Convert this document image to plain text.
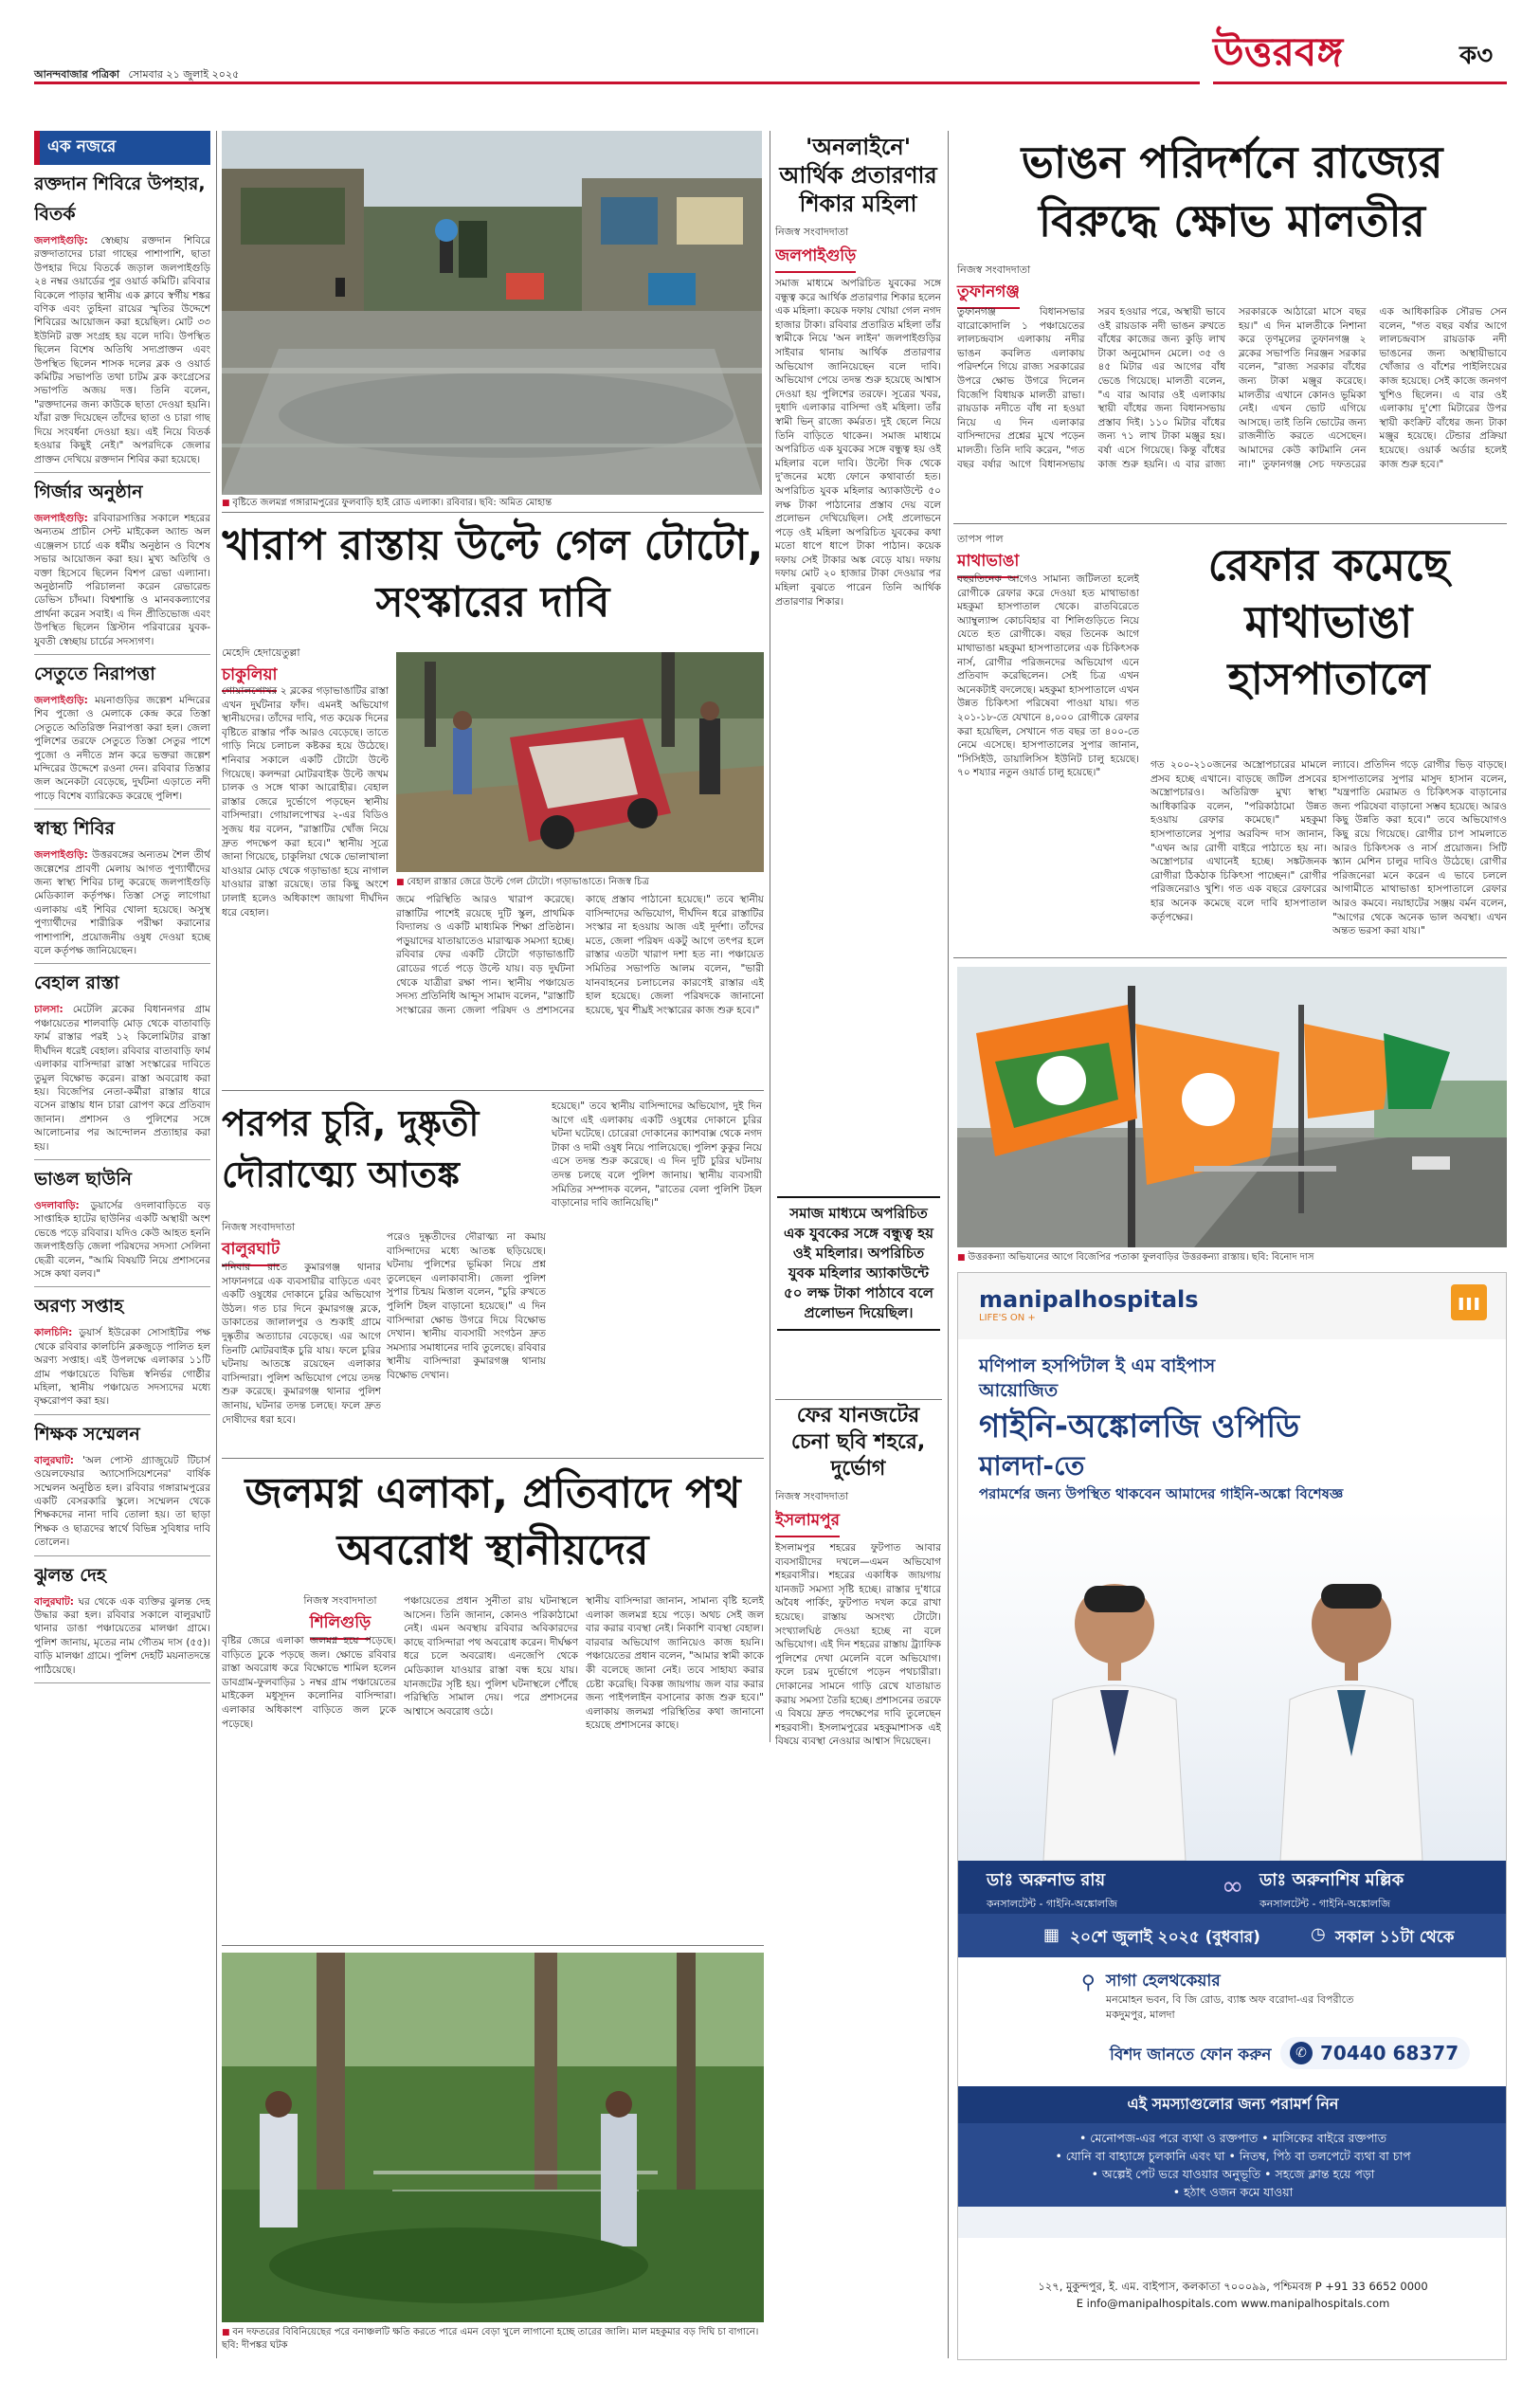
আনন্দবাজার পত্রিকা সোমবার ২১ জুলাই ২০২৫	উত্তরবঙ্গ	ক৩
এক নজরে
রক্তদান শিবিরে উপহার, বিতর্ক
জলপাইগুড়ি: স্বেচ্ছায় রক্তদান শিবিরে রক্তদাতাদের চারা গাছের পাশাপাশি, ছাতা উপহার দিয়ে বিতর্কে জড়াল জলপাইগুড়ি ২৪ নম্বর ওয়ার্ডের পুর ওয়ার্ড কমিটি। রবিবার বিকেলে পাড়ার স্থানীয় এক ক্লাবে স্বর্গীয় শঙ্কর বণিক এবং তুহিনা রায়ের স্মৃতির উদ্দেশে শিবিরের আয়োজন করা হয়েছিল। মোট ৩৩ ইউনিট রক্ত সংগ্রহ হয় বলে দাবি। উপস্থিত ছিলেন বিশেষ অতিথি সদ্যপ্রাক্তন এবং উপস্থিত ছিলেন শাসক দলের ব্লক ও ওয়ার্ড কমিটির সভাপতি তথা চাটম ব্লক কংগ্রেসের সভাপতি অজয় দত্ত। তিনি বলেন, "রক্তদানের জন্য কাউকে ছাতা দেওয়া হয়নি। যাঁরা রক্ত দিয়েছেন তাঁদের ছাতা ও চারা গাছ দিয়ে সংবর্ধনা দেওয়া হয়। এই নিয়ে বিতর্ক হওয়ার কিছুই নেই।" অপরদিকে জেলার প্রাক্তন দেখিয়ে রক্তদান শিবির করা হয়েছে।
গির্জার অনুষ্ঠান
জলপাইগুড়ি: রবিবারসাত্তির সকালে শহরের অন্যতম প্রাচীন সেন্ট মাইকেল অ্যান্ড অল এঞ্জেলস চার্চে এক ধর্মীয় অনুষ্ঠান ও বিশেষ সভার আয়োজন করা হয়। মুখ্য অতিথি ও বক্তা হিসেবে ছিলেন বিশপ রেভা এল্যানা। অনুষ্ঠানটি পরিচালনা করেন রেভারেন্ড ডেভিস চাঁদমা। বিশ্বশান্তি ও মানবকল্যাণের প্রার্থনা করেন সবাই। এ দিন প্রীতিভোজ এবং উপস্থিত ছিলেন খ্রিস্টান পরিবারের যুবক-যুবতী স্বেচ্ছায় চার্চের সদস্যগণ।
সেতুতে নিরাপত্তা
জলপাইগুড়ি: ময়নাগুড়ির জল্পেশ মন্দিরের শিব পুজো ও মেলাকে কেন্দ্র করে তিস্তা সেতুতে অতিরিক্ত নিরাপত্তা করা হল। জেলা পুলিশের তরফে সেতুতে তিস্তা সেতুর পাশে পুজো ও নদীতে স্নান করে ভক্তরা জল্পেশ মন্দিরের উদ্দেশে রওনা দেন। রবিবার তিস্তার জল অনেকটা বেড়েছে, দুর্ঘটনা এড়াতে নদী পাড়ে বিশেষ ব্যারিকেড করেছে পুলিশ।
স্বাস্থ্য শিবির
জলপাইগুড়ি: উত্তরবঙ্গের অন্যতম শৈল তীর্থ জল্পেশের প্রাবণী মেলায় আগত পুণ্যার্থীদের জন্য স্বাস্থ্য শিবির চালু করেছে জলপাইগুড়ি মেডিক্যাল কর্তৃপক্ষ। তিস্তা সেতু লাগোয়া এলাকায় এই শিবির খোলা হয়েছে। অসুস্থ পুণ্যার্থীদের শারীরিক পরীক্ষা করানোর পাশাপাশি, প্রয়োজনীয় ওষুধ দেওয়া হচ্ছে বলে কর্তৃপক্ষ জানিয়েছেন।
বেহাল রাস্তা
চালসা: মেটেলি ব্লকের বিধাননগর গ্রাম পঞ্চায়েতের শালবাড়ি মোড় থেকে বাতাবাড়ি ফার্ম রাস্তার পরই ১২ কিলোমিটার রাস্তা দীর্ঘদিন ধরেই বেহাল। রবিবার বাতাবাড়ি ফার্ম এলাকার বাসিন্দারা রাস্তা সংস্কারের দাবিতে তুমুল বিক্ষোভ করেন। রাস্তা অবরোধ করা হয়। বিজেপির নেতা-কর্মীরা রাস্তার ধারে বসেন রাস্তায় ধান চারা রোপণ করে প্রতিবাদ জানান। প্রশাসন ও পুলিশের সঙ্গে আলোচনার পর আন্দোলন প্রত্যাহার করা হয়।
ভাঙল ছাউনি
ওদলাবাড়ি: ডুয়ার্সের ওদলাবাড়িতে বড় সাপ্তাহিক হাটের ছাউনির একটি অস্থায়ী অংশ ভেঙে পড়ে রবিবার। যদিও কেউ আহত হননি জলপাইগুড়ি জেলা পরিষদের সদস্যা সেলিনা ছেত্রী বলেন, "আমি বিষয়টি নিয়ে প্রশাসনের সঙ্গে কথা বলব।"
অরণ্য সপ্তাহ
কালচিনি: ডুয়ার্স ইউরেকা সোসাইটির পক্ষ থেকে রবিবার কালচিনি ব্লকজুড়ে পালিত হল অরণ্য সপ্তাহ। এই উপলক্ষে এলাকার ১১টি গ্রাম পঞ্চায়েতে বিভিন্ন স্বনির্ভর গোষ্ঠীর মহিলা, স্থানীয় পঞ্চায়েত সদস্যদের মধ্যে বৃক্ষরোপণ করা হয়।
শিক্ষক সম্মেলন
বালুরঘাট: 'অল পোস্ট গ্র্যাজুয়েট টিচার্স ওয়েলফেয়ার অ্যাসোসিয়েশনের' বার্ষিক সম্মেলন অনুষ্ঠিত হল। রবিবার গঙ্গারামপুরের একটি বেসরকারি স্কুলে। সম্মেলন থেকে শিক্ষকদের নানা দাবি তোলা হয়। তা ছাড়া শিক্ষক ও ছাত্রদের স্বার্থে বিভিন্ন সুবিধার দাবি তোলেন।
ঝুলন্ত দেহ
বালুরঘাট: ঘর থেকে এক ব্যক্তির ঝুলন্ত দেহ উদ্ধার করা হল। রবিবার সকালে বালুরঘাট থানার ডাঙা পঞ্চায়েতের মালঞ্চা গ্রামে। পুলিশ জানায়, মৃতের নাম গৌতম দাস (৫৫)। বাড়ি মালঞ্চা গ্রামে। পুলিশ দেহটি ময়নাতদন্তে পাঠিয়েছে।
■ বৃষ্টিতে জলমগ্ন গঙ্গারামপুরের ফুলবাড়ি হাই রোড এলাকা। রবিবার। ছবি: অমিত মোহান্ত
'অনলাইনে' আর্থিক প্রতারণার শিকার মহিলা
নিজস্ব সংবাদদাতা
জলপাইগুড়ি
সমাজ মাধ্যমে অপরিচিত যুবকের সঙ্গে বন্ধুত্ব করে আর্থিক প্রতারণার শিকার হলেন এক মহিলা। কয়েক দফায় খোয়া গেল নগদ হাজার টাকা। রবিবার প্রতারিত মহিলা তাঁর স্বামীকে নিয়ে 'অন লাইন' জলপাইগুড়ির সাইবার থানায় আর্থিক প্রতারণার অভিযোগ জানিয়েছেন বলে দাবি। অভিযোগ পেয়ে তদন্ত শুরু হয়েছে আশ্বাস দেওয়া হয় পুলিশের তরফে। সূত্রের খবর, দুধাদি এলাকার বাসিন্দা ওই মহিলা। তাঁর স্বামী ভিন্ রাজ্যে কর্মরত। দুই ছেলে নিয়ে তিনি বাড়িতে থাকেন। সমাজ মাধ্যমে অপরিচিত এক যুবকের সঙ্গে বন্ধুত্ব হয় ওই মহিলার বলে দাবি। উল্টো দিক থেকে দু'জনের মধ্যে ফোনে কথাবার্তা হত। অপরিচিত যুবক মহিলার অ্যাকাউন্টে ৫০ লক্ষ টাকা পাঠানোর প্রস্তাব দেয় বলে প্রলোভন দেখিয়েছিল। সেই প্রলোভনে পড়ে ওই মহিলা অপরিচিত যুবকের কথা মতো ধাপে ধাপে টাকা পাঠান। কয়েক দফায় সেই টাকার অঙ্ক বেড়ে যায়। দফায় দফায় মোট ২০ হাজার টাকা দেওয়ার পর মহিলা বুঝতে পারেন তিনি আর্থিক প্রতারণার শিকার।
সমাজ মাধ্যমে অপরিচিত এক যুবকের সঙ্গে বন্ধুত্ব হয় ওই মহিলার। অপরিচিত যুবক মহিলার অ্যাকাউন্টে ৫০ লক্ষ টাকা পাঠাবে বলে প্রলোভন দিয়েছিল।
ফের যানজটের চেনা ছবি শহরে, দুর্ভোগ
নিজস্ব সংবাদদাতা
ইসলামপুর
ইসলামপুর শহরের ফুটপাত আবার ব্যবসায়ীদের দখলে—এমন অভিযোগ শহরবাসীর। শহরের একাধিক জায়গায় যানজট সমস্যা সৃষ্টি হচ্ছে। রাস্তার দু'ধারে অবৈধ পার্কিং, ফুটপাত দখল করে রাখা হয়েছে। রাস্তায় অসংখ্য টোটো। সংখ্যালঘিষ্ঠ দেওয়া হচ্ছে না বলে অভিযোগ। এই দিন শহরের রাস্তায় ট্র্যাফিক পুলিশের দেখা মেলেনি বলে অভিযোগ। ফলে চরম দুর্ভোগে পড়েন পথচারীরা। দোকানের সামনে গাড়ি রেখে যাতায়াত করায় সমস্যা তৈরি হচ্ছে। প্রশাসনের তরফে এ বিষয়ে দ্রুত পদক্ষেপের দাবি তুলেছেন শহরবাসী। ইসলামপুরের মহকুমাশাসক এই বিষয়ে ব্যবস্থা নেওয়ার আশ্বাস দিয়েছেন।
ভাঙন পরিদর্শনে রাজ্যের বিরুদ্ধে ক্ষোভ মালতীর
নিজস্ব সংবাদদাতা
তুফানগঞ্জ
তুফানগঞ্জ বিধানসভার বারোকোদালি ১ পঞ্চায়েতের লালচন্দ্রবাস এলাকায় নদীর ভাঙন কবলিত এলাকায় পরিদর্শনে গিয়ে রাজ্য সরকারের উপরে ক্ষোভ উগরে দিলেন বিজেপি বিধায়ক মালতী রাভা। রায়ডাক নদীতে বাঁধ না হওয়া নিয়ে এ দিন এলাকার বাসিন্দাদের প্রশ্নের মুখে পড়েন মালতী। তিনি দাবি করেন, "গত বছর বর্ষার আগে বিধানসভায় সরব হওয়ার পরে, অস্থায়ী ভাবে ওই রায়ডাক নদী ভাঙন রুখতে বাঁধের কাজের জন্য কুড়ি লাখ টাকা অনুমোদন মেলে। ৩৫ ও ৪৫ মিটার এর আগের বাঁধ ভেঙে গিয়েছে। মালতী বলেন, "এ বার আবার ওই এলাকায় স্থায়ী বাঁধের জন্য বিধানসভায় প্রস্তাব দিই। ১১০ মিটার বাঁধের জন্য ৭১ লাখ টাকা মঞ্জুর হয়। বর্ষা এসে গিয়েছে। কিন্তু বাঁধের কাজ শুরু হয়নি। এ বার রাজ্য সরকারকে আঠারো মাসে বছর হয়।" এ দিন মালতীকে নিশানা করে তৃণমূলের তুফানগঞ্জ ২ ব্লকের সভাপতি নিরঞ্জন সরকার বলেন, "রাজ্য সরকার বাঁধের জন্য টাকা মঞ্জুর করেছে। মালতীর এখানে কোনও ভূমিকা নেই। এখন ভোট এগিয়ে আসছে। তাই তিনি ভোটের জন্য রাজনীতি করতে এসেছেন। আমাদের কেউ কাটমানি নেন না।" তুফানগঞ্জ সেচ দফতরের এক আধিকারিক সৌরভ সেন বলেন, "গত বছর বর্ষার আগে লালচন্দ্রবাস রায়ডাক নদী ভাঙনের জন্য অস্থায়ীভাবে খোঁজার ও বাঁশের পাইলিংয়ের কাজ হয়েছে। সেই কাজে জনগণ খুশিও ছিলেন। এ বার ওই এলাকায় দু'শো মিটারের উপর স্থায়ী কংক্রিট বাঁধের জন্য টাকা মঞ্জুর হয়েছে। টেন্ডার প্রক্রিয়া হয়েছে। ওয়ার্ক অর্ডার হলেই কাজ শুরু হবে।"
তাপস পাল
মাথাভাঙা
বছরতিনেক আগেও সামান্য জটিলতা হলেই রোগীকে রেফার করে দেওয়া হত মাথাভাঙা মহকুমা হাসপাতাল থেকে। রাতবিরেতে অ্যাম্বুল্যান্স কোচবিহার বা শিলিগুড়িতে নিয়ে যেতে হত রোগীকে। বছর তিনেক আগে মাথাভাঙা মহকুমা হাসপাতালের এক চিকিৎসক নার্স, রোগীর পরিজনদের অভিযোগ এনে প্রতিবাদ করেছিলেন। সেই চিত্র এখন অনেকটাই বদলেছে। মহকুমা হাসপাতালে এখন উন্নত চিকিৎসা পরিষেবা পাওয়া যায়। গত ২০১-১৮-তে যেখানে ৪,০০০ রোগীকে রেফার করা হয়েছিল, সেখানে গত বছর তা ৪০০-তে নেমে এসেছে। হাসপাতালের সুপার জানান, "সিসিইউ, ডায়ালিসিস ইউনিট চালু হয়েছে। ৭০ শয্যার নতুন ওয়ার্ড চালু হয়েছে।"
রেফার কমেছে মাথাভাঙা হাসপাতালে
গত ২০০-২১০জনের অস্ত্রোপচারের মামলে প্রসব হচ্ছে এখানে। বাড়ছে জটিল প্রসবের অস্ত্রোপচারও। অতিরিক্ত মুখ্য স্বাস্থ্য আধিকারিক বলেন, "পরিকাঠামো উন্নত হওয়ায় রেফার কমেছে।" মহকুমা হাসপাতালের সুপার অরবিন্দ দাস জানান, "এখন আর রোগী বাইরে পাঠাতে হয় না। অস্ত্রোপচার এখানেই হচ্ছে। সঙ্কটজনক রোগীরা ঠিকঠাক চিকিৎসা পাচ্ছেন।" রোগীর পরিজনেরাও খুশি। গত এক বছরে রেফারের হার অনেক কমেছে বলে দাবি হাসপাতাল কর্তৃপক্ষের।
ল্যাবে। প্রতিদিন গড়ে রোগীর ভিড় বাড়ছে। হাসপাতালের সুপার মাসুদ হাসান বলেন, "যন্ত্রপাতি মেরামত ও চিকিৎসক বাড়ানোর জন্য পরিষেবা বাড়ানো সম্ভব হয়েছে। আরও কিছু উন্নতি করা হবে।" তবে অভিযোগও কিছু রয়ে গিয়েছে। রোগীর চাপ সামলাতে আরও চিকিৎসক ও নার্স প্রয়োজন। সিটি স্ক্যান মেশিন চালুর দাবিও উঠেছে। রোগীর পরিজনেরা মনে করেন এ ভাবে চললে আগামীতে মাথাভাঙা হাসপাতালে রেফার আরও কমবে। নয়াহাটের সঞ্জয় বর্মন বলেন, "আগের থেকে অনেক ভাল অবস্থা। এখন অন্তত ভরসা করা যায়।"
■ উত্তরকন্যা অভিযানের আগে বিজেপির পতাকা ফুলবাড়ির উত্তরকন্যা রাস্তায়। ছবি: বিনোদ দাস
খারাপ রাস্তায় উল্টে গেল টোটো, সংস্কারের দাবি
মেহেদি হেদায়েতুল্লা
চাকুলিয়া
গোয়ালপোখর ২ ব্লকের গড়াভাঙাটির রাস্তা এখন দুর্ঘটনার ফাঁদ। এমনই অভিযোগ স্থানীয়দের। তাঁদের দাবি, গত কয়েক দিনের বৃষ্টিতে রাস্তার পাঁক আরও বেড়েছে। তাতে গাড়ি নিয়ে চলাচল কষ্টকর হয়ে উঠেছে। শনিবার সকালে একটি টোটো উল্টে গিয়েছে। কলন্দরা মোটরবাইক উল্টে জখম চালক ও সঙ্গে থাকা আরোহীর। বেহাল রাস্তার জেরে দুর্ভোগে পড়ছেন স্থানীয় বাসিন্দারা। গোয়ালপোখর ২-এর বিডিও সুজয় ধর বলেন, "রাস্তাটির খোঁজ নিয়ে দ্রুত পদক্ষেপ করা হবে।" স্থানীয় সূত্রে জানা গিয়েছে, চাকুলিয়া থেকে ভোলাখালা যাওয়ার মোড় থেকে গড়াভাঙা হয়ে নাগাল যাওয়ার রাস্তা রয়েছে। তার কিছু অংশে ঢালাই হলেও অধিকাংশ জায়গা দীর্ঘদিন ধরে বেহাল।
■ বেহাল রাস্তার জেরে উল্টে গেল টোটো। গড়াভাঙাতে। নিজস্ব চিত্র
জমে পরিস্থিতি আরও খারাপ করেছে। রাস্তাটির পাশেই রয়েছে দুটি স্কুল, প্রাথমিক বিদ্যালয় ও একটি মাধ্যমিক শিক্ষা প্রতিষ্ঠান। পড়ুয়াদের যাতায়াতেও মারাত্মক সমস্যা হচ্ছে। রবিবার ফের একটি টোটো গড়াভাঙাটি রোডের গর্তে পড়ে উল্টে যায়। বড় দুর্ঘটনা থেকে যাত্রীরা রক্ষা পান। স্থানীয় পঞ্চায়েত সদস্য প্রতিনিধি আব্দুস সামাদ বলেন, "রাস্তাটি সংস্কারের জন্য জেলা পরিষদ ও প্রশাসনের কাছে প্রস্তাব পাঠানো হয়েছে।" তবে স্থানীয় বাসিন্দাদের অভিযোগ, দীর্ঘদিন ধরে রাস্তাটির সংস্কার না হওয়ায় আজ এই দুর্দশা। তাঁদের মতে, জেলা পরিষদ একটু আগে তৎপর হলে রাস্তার এতটা খারাপ দশা হত না। পঞ্চায়েত সমিতির সভাপতি আলম বলেন, "ভারী যানবাহনের চলাচলের কারণেই রাস্তার এই হাল হয়েছে। জেলা পরিষদকে জানানো হয়েছে, খুব শীঘ্রই সংস্কারের কাজ শুরু হবে।"
পরপর চুরি, দুষ্কৃতী দৌরাত্ম্যে আতঙ্ক
নিজস্ব সংবাদদাতা
বালুরঘাট
শনিবার রাতে কুমারগঞ্জ থানার সাফানগরে এক ব্যবসায়ীর বাড়িতে এবং একটি ওষুধের দোকানে চুরির অভিযোগ উঠল। গত চার দিনে কুমারগঞ্জ ব্লকে, ডাকাতের জালালপুর ও শুকাই গ্রামে দুষ্কৃতীর অত্যাচার বেড়েছে। এর আগে তিনটি মোটরবাইক চুরি যায়। ফলে চুরির ঘটনায় আতঙ্কে রয়েছেন এলাকার বাসিন্দারা। পুলিশ অভিযোগ পেয়ে তদন্ত শুরু করেছে। কুমারগঞ্জ থানার পুলিশ জানায়, ঘটনার তদন্ত চলছে। ফলে দ্রুত দোষীদের ধরা হবে।
পরেও দুষ্কৃতীদের দৌরাত্ম্য না কমায় বাসিন্দাদের মধ্যে আতঙ্ক ছড়িয়েছে। ঘটনায় পুলিশের ভূমিকা নিয়ে প্রশ্ন তুলেছেন এলাকাবাসী। জেলা পুলিশ সুপার চিন্ময় মিত্তাল বলেন, "চুরি রুখতে পুলিশি টহল বাড়ানো হয়েছে।" এ দিন বাসিন্দারা ক্ষোভ উগরে দিয়ে বিক্ষোভ দেখান। স্থানীয় ব্যবসায়ী সংগঠন দ্রুত সমস্যার সমাধানের দাবি তুলেছে। রবিবার স্থানীয় বাসিন্দারা কুমারগঞ্জ থানায় বিক্ষোভ দেখান।
হয়েছে।" তবে স্থানীয় বাসিন্দাদের অভিযোগ, দুই দিন আগে এই এলাকায় একটি ওষুধের দোকানে চুরির ঘটনা ঘটেছে। চোরেরা দোকানের ক্যাশবাক্স থেকে নগদ টাকা ও দামী ওষুধ নিয়ে পালিয়েছে। পুলিশ কুকুর নিয়ে এসে তদন্ত শুরু করেছে। এ দিন দুটি চুরির ঘটনায় তদন্ত চলছে বলে পুলিশ জানায়। স্থানীয় ব্যবসায়ী সমিতির সম্পাদক বলেন, "রাতের বেলা পুলিশি টহল বাড়ানোর দাবি জানিয়েছি।"
জলমগ্ন এলাকা, প্রতিবাদে পথ অবরোধ স্থানীয়দের
নিজস্ব সংবাদদাতা
শিলিগুড়ি
বৃষ্টির জেরে এলাকা জলমগ্ন হয়ে পড়েছে। বাড়িতে ঢুকে পড়ছে জল। ক্ষোভে রবিবার রাস্তা অবরোধ করে বিক্ষোভে শামিল হলেন ডাবগ্রাম-ফুলবাড়ির ১ নম্বর গ্রাম পঞ্চায়েতের মাইকেল মধুসূদন কলোনির বাসিন্দারা। এলাকার অধিকাংশ বাড়িতে জল ঢুকে পড়েছে।
পঞ্চায়েতের প্রধান সুনীতা রায় ঘটনাস্থলে আসেন। তিনি জানান, কোনও পরিকাঠামো নেই। এমন অবস্থায় রবিবার অবিকারদের কাছে বাসিন্দারা পথ অবরোধ করেন। দীর্ঘক্ষণ ধরে চলে অবরোধ। এনজেপি থেকে মেডিক্যাল যাওয়ার রাস্তা বন্ধ হয়ে যায়। যানজটের সৃষ্টি হয়। পুলিশ ঘটনাস্থলে পৌঁছে পরিস্থিতি সামাল দেয়। পরে প্রশাসনের আশ্বাসে অবরোধ ওঠে।
স্থানীয় বাসিন্দারা জানান, সামান্য বৃষ্টি হলেই এলাকা জলমগ্ন হয়ে পড়ে। অথচ সেই জল বার করার ব্যবস্থা নেই। নিকাশি ব্যবস্থা বেহাল। বারবার অভিযোগ জানিয়েও কাজ হয়নি। পঞ্চায়েতের প্রধান বলেন, "আমার স্বামী কাকে কী বলেছে জানা নেই। তবে সাহায্য করার চেষ্টা করেছি। বিকল্প জায়গায় জল বার করার জন্য পাইপলাইন বসানোর কাজ শুরু হবে।" এলাকায় জলমগ্ন পরিস্থিতির কথা জানানো হয়েছে প্রশাসনের কাছে।
■ বন দফতরের বিবিনিয়েছের পরে বনাঞ্চলটি ক্ষতি করতে পারে এমন বেড়া খুলে লাগানো হচ্ছে তারের জালি। মাল মহকুমার বড় দিঘি চা বাগানে। ছবি: দীপঙ্কর ঘটক
manipalhospitals
LIFE'S ON +
ııı
মণিপাল হসপিটাল ই এম বাইপাস
আয়োজিত
গাইনি-অঙ্কোলজি ওপিডি
মালদা-তে
পরামর্শের জন্য উপস্থিত থাকবেন আমাদের গাইনি-অঙ্কো বিশেষজ্ঞ
ডাঃ অরুনাভ রায়
কনসালটেন্ট - গাইনি-অঙ্কোলজি
∞ ডাঃ অরুনাশিষ মল্লিক
কনসালটেন্ট - গাইনি-অঙ্কোলজি
▦ ২০শে জুলাই ২০২৫ (বুধবার)	◷ সকাল ১১টা থেকে
⚲ সাগা হেলথকেয়ার
মনমোহন ভবন, বি জি রোড, ব্যাঙ্ক অফ বরোদা-এর বিপরীতে
মকদুমপুর, মালদা
বিশদ জানতে ফোন করুন	✆ 70440 68377
এই সমস্যাগুলোর জন্য পরামর্শ নিন
• মেনোপজ-এর পরে ব্যথা ও রক্তপাত • মাসিকের বাইরে রক্তপাত
• যোনি বা বাহ্যাঙ্গে চুলকানি এবং ঘা • নিতম্ব, পিঠ বা তলপেটে ব্যথা বা চাপ
• অল্পেই পেট ভরে যাওয়ার অনুভূতি • সহজে ক্লান্ত হয়ে পড়া
• হঠাৎ ওজন কমে যাওয়া
১২৭, মুকুন্দপুর, ই. এম. বাইপাস, কলকাতা ৭০০০৯৯, পশ্চিমবঙ্গ P +91 33 6652 0000
E info@manipalhospitals.com www.manipalhospitals.com
